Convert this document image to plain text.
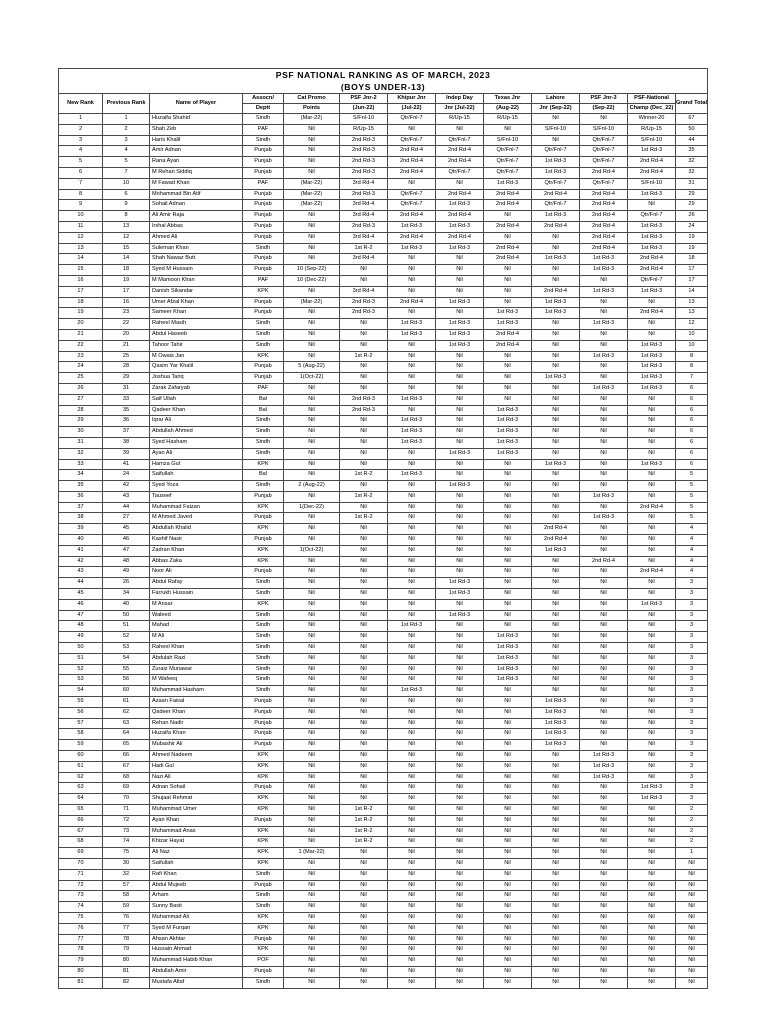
PSF NATIONAL RANKING AS OF MARCH, 2023												
(BOYS UNDER-13)												
New Rank	Previous Rank	Name of Player	Assocn/	Cat Promo	PSF Jnr-2	Khipur Jnr	Indep Day	Texas Jnr	Lahore	PSF Jnr-3	PSF-National	Grand Total
			Deptt	Points	(Jun-22)	(Jul-22)	Jnr (Jul-22)	(Aug-22)	Jnr (Sep-22)	(Sep-22)	Champ (Dec_22)	
1	1	Huzaifa Shahid	Sindh	(Mar-22)	S/Fnl-10	Qtr/Fnl-7	R/Up-15	R/Up-15	Nil	Nil	Winner-20	67
2	2	Shah Zeb	PAF	Nil	R/Up-15	Nil	Nil	Nil	S/Fnl-10	S/Fnl-10	R/Up-15	50
3	3	Haris Khalil	Sindh	Nil	2nd Rd-3	Qtr/Fnl-7	Qtr/Fnl-7	S/Fnl-10	Nil	Qtr/Fnl-7	S/Fnl-10	44
4	4	Amir Adnan	Punjab	Nil	2nd Rd-3	2nd Rd-4	2nd Rd-4	Qtr/Fnl-7	Qtr/Fnl-7	Qtr/Fnl-7	1st Rd-3	35
5	5	Rana Ayan	Punjab	Nil	2nd Rd-3	2nd Rd-4	2nd Rd-4	Qtr/Fnl-7	1st Rd-3	Qtr/Fnl-7	2nd Rd-4	32
6	7	M Rehan Siddiq	Punjab	Nil	2nd Rd-3	2nd Rd-4	Qtr/Fnl-7	Qtr/Fnl-7	1st Rd-3	2nd Rd-4	2nd Rd-4	32
7	10	M Fawad Khan	PAF	(Mar-22)	3rd Rd-4	Nil	Nil	1st Rd-3	Qtr/Fnl-7	Qtr/Fnl-7	S/Fnl-10	31
8	6	Mohammad Bin Atif	Punjab	(Mar-22)	2nd Rd-3	Qtr/Fnl-7	2nd Rd-4	2nd Rd-4	2nd Rd-4	2nd Rd-4	1st Rd-3	29
9	9	Sohail Adnan	Punjab	(Mar-22)	3rd Rd-4	Qtr/Fnl-7	1st Rd-3	2nd Rd-4	Qtr/Fnl-7	2nd Rd-4	Nil	29
10	8	Ali Amir Raja	Punjab	Nil	3rd Rd-4	2nd Rd-4	2nd Rd-4	Nil	1st Rd-3	2nd Rd-4	Qtr/Fnl-7	26
11	13	Irshal Abbas	Punjab	Nil	2nd Rd-3	1st Rd-3	1st Rd-3	2nd Rd-4	2nd Rd-4	2nd Rd-4	1st Rd-3	24
12	12	Ahmed Ali	Punjab	Nil	3rd Rd-4	2nd Rd-4	2nd Rd-4	Nil	Nil	2nd Rd-4	1st Rd-3	19
13	15	Suleman Khan	Sindh	Nil	1st R-2	1st Rd-3	1st Rd-3	2nd Rd-4	Nil	2nd Rd-4	1st Rd-3	19
14	14	Shah Nawaz Butt	Punjab	Nil	3rd Rd-4	Nil	Nil	2nd Rd-4	1st Rd-3	1st Rd-3	2nd Rd-4	18
15	18	Syed M Hussain	Punjab	10 (Sep-22)	Nil	Nil	Nil	Nil	Nil	1st Rd-3	2nd Rd-4	17
16	19	M Mamoon Khan	PAF	10 (Dec-22)	Nil	Nil	Nil	Nil	Nil	Nil	Qtr/Fnl-7	17
17	17	Danish Sikandar	KPK	Nil	3rd Rd-4	Nil	Nil	Nil	2nd Rd-4	1st Rd-3	1st Rd-3	14
18	16	Umer Afzal Khan	Punjab	(Mar-22)	2nd Rd-3	2nd Rd-4	1st Rd-3	Nil	1st Rd-3	Nil	Nil	13
19	23	Sameer Khan	Punjab	Nil	2nd Rd-3	Nil	Nil	1st Rd-3	1st Rd-3	Nil	2nd Rd-4	13
20	22	Raheel Masih	Sindh	Nil	Nil	1st Rd-3	1st Rd-3	1st Rd-3	Nil	1st Rd-3	Nil	12
21	20	Abdul Haseeb	Sindh	Nil	Nil	1st Rd-3	1st Rd-3	2nd Rd-4	Nil	Nil	Nil	10
22	21	Tahoor Tahir	Sindh	Nil	Nil	Nil	1st Rd-3	2nd Rd-4	Nil	Nil	1st Rd-3	10
23	25	M Owais Jan	KPK	Nil	1st R-2	Nil	Nil	Nil	Nil	1st Rd-3	1st Rd-3	8
24	28	Qasim Yar Khalil	Punjab	5 (Aug-22)	Nil	Nil	Nil	Nil	Nil	Nil	1st Rd-3	8
25	29	Joshua Tariq	Punjab	1(Oct-22)	Nil	Nil	Nil	Nil	1st Rd-3	Nil	1st Rd-3	7
26	31	Zarak Zafaryab	PAF	Nil	Nil	Nil	Nil	Nil	Nil	1st Rd-3	1st Rd-3	6
27	33	Saif Ullah	Bal	Nil	2nd Rd-3	1st Rd-3	Nil	Nil	Nil	Nil	Nil	6
28	35	Qadeer Khan	Bal	Nil	2nd Rd-3	Nil	Nil	1st Rd-3	Nil	Nil	Nil	6
29	36	Iqrar Ali	Sindh	Nil	Nil	1st Rd-3	Nil	1st Rd-3	Nil	Nil	Nil	6
30	37	Abdullah Ahmed	Sindh	Nil	Nil	1st Rd-3	Nil	1st Rd-3	Nil	Nil	Nil	6
31	38	Syed Hasham	Sindh	Nil	Nil	1st Rd-3	Nil	1st Rd-3	Nil	Nil	Nil	6
32	39	Ayan Ali	Sindh	Nil	Nil	Nil	1st Rd-3	1st Rd-3	Nil	Nil	Nil	6
33	41	Hamza Gul	KPK	Nil	Nil	Nil	Nil	Nil	1st Rd-3	Nil	1st Rd-3	6
34	24	Saifullah	Bal	Nil	1st R-2	1st Rd-3	Nil	Nil	Nil	Nil	Nil	5
35	42	Syed Yoza	Sindh	2 (Aug-22)	Nil	Nil	1st Rd-3	Nil	Nil	Nil	Nil	5
36	43	Tauseef	Punjab	Nil	1st R-2	Nil	Nil	Nil	Nil	1st Rd-3	Nil	5
37	44	Muhammad Faizan	KPK	1(Dec-22)	Nil	Nil	Nil	Nil	Nil	Nil	2nd Rd-4	5
38	27	M Ahmed Javed	Punjab	Nil	1st R-2	Nil	Nil	Nil	Nil	1st Rd-3	Nil	5
39	45	Abdullah Khalid	KPK	Nil	Nil	Nil	Nil	Nil	2nd Rd-4	Nil	Nil	4
40	46	Kashif Nasir	Punjab	Nil	Nil	Nil	Nil	Nil	2nd Rd-4	Nil	Nil	4
41	47	Zadran Khan	KPK	1(Oct-22)	Nil	Nil	Nil	Nil	1st Rd-3	Nil	Nil	4
42	48	Abbas Zaka	KPK	Nil	Nil	Nil	Nil	Nil	Nil	2nd Rd-4	Nil	4
43	49	Noor Ali	Punjab	Nil	Nil	Nil	Nil	Nil	Nil	Nil	2nd Rd-4	4
44	26	Abdul Rafay	Sindh	Nil	Nil	Nil	1st Rd-3	Nil	Nil	Nil	Nil	3
45	34	Farrukh Hussain	Sindh	Nil	Nil	Nil	1st Rd-3	Nil	Nil	Nil	Nil	3
46	40	M Ansar	KPK	Nil	Nil	Nil	Nil	Nil	Nil	Nil	1st Rd-3	3
47	50	Waleed	Sindh	Nil	Nil	Nil	1st Rd-3	Nil	Nil	Nil	Nil	3
48	51	Mahad	Sindh	Nil	Nil	1st Rd-3	Nil	Nil	Nil	Nil	Nil	3
49	52	M Ali	Sindh	Nil	Nil	Nil	Nil	1st Rd-3	Nil	Nil	Nil	3
50	53	Raheel Khan	Sindh	Nil	Nil	Nil	Nil	1st Rd-3	Nil	Nil	Nil	3
51	54	Abdulah Razi	Sindh	Nil	Nil	Nil	Nil	1st Rd-3	Nil	Nil	Nil	3
52	55	Zuraiz Munawar	Sindh	Nil	Nil	Nil	Nil	1st Rd-3	Nil	Nil	Nil	3
53	56	M Wafeeq	Sindh	Nil	Nil	Nil	Nil	1st Rd-3	Nil	Nil	Nil	3
54	60	Muhammad Hasham	Sindh	Nil	Nil	1st Rd-3	Nil	Nil	Nil	Nil	Nil	3
55	61	Azaan Faisal	Punjab	Nil	Nil	Nil	Nil	Nil	1st Rd-3	Nil	Nil	3
56	62	Qadeer Khan	Punjab	Nil	Nil	Nil	Nil	Nil	1st Rd-3	Nil	Nil	3
57	63	Rehan Nadir	Punjab	Nil	Nil	Nil	Nil	Nil	1st Rd-3	Nil	Nil	3
58	64	Huzaifa Khan	Punjab	Nil	Nil	Nil	Nil	Nil	1st Rd-3	Nil	Nil	3
59	65	Mubashir Ali	Punjab	Nil	Nil	Nil	Nil	Nil	1st Rd-3	Nil	Nil	3
60	66	Ahmed Nadeem	KPK	Nil	Nil	Nil	Nil	Nil	Nil	1st Rd-3	Nil	3
61	67	Hadi Gul	KPK	Nil	Nil	Nil	Nil	Nil	Nil	1st Rd-3	Nil	3
62	68	Nazi Ali	KPK	Nil	Nil	Nil	Nil	Nil	Nil	1st Rd-3	Nil	3
63	69	Adnan Sohail	Punjab	Nil	Nil	Nil	Nil	Nil	Nil	Nil	1st Rd-3	3
64	70	Shujaat Rehmat	KPK	Nil	Nil	Nil	Nil	Nil	Nil	Nil	1st Rd-3	3
65	71	Muhammad Umer	KPK	Nil	1st R-2	Nil	Nil	Nil	Nil	Nil	Nil	2
66	72	Ayan Khan	Punjab	Nil	1st R-2	Nil	Nil	Nil	Nil	Nil	Nil	2
67	73	Muhammad Anas	KPK	Nil	1st R-2	Nil	Nil	Nil	Nil	Nil	Nil	2
68	74	Khizar Hayat	KPK	Nil	1st R-2	Nil	Nil	Nil	Nil	Nil	Nil	2
69	75	Ali Naz	KPK	1 (Mar-22)	Nil	Nil	Nil	Nil	Nil	Nil	Nil	1
70	30	Saifullah	KPK	Nil	Nil	Nil	Nil	Nil	Nil	Nil	Nil	Nil
71	32	Rafi Khan	Sindh	Nil	Nil	Nil	Nil	Nil	Nil	Nil	Nil	Nil
72	57	Abdul Mujeeb	Punjab	Nil	Nil	Nil	Nil	Nil	Nil	Nil	Nil	Nil
73	58	Arham	Sindh	Nil	Nil	Nil	Nil	Nil	Nil	Nil	Nil	Nil
74	59	Sunny Basit	Sindh	Nil	Nil	Nil	Nil	Nil	Nil	Nil	Nil	Nil
75	76	Muhammad Ali	KPK	Nil	Nil	Nil	Nil	Nil	Nil	Nil	Nil	Nil
76	77	Syed M Furqan	KPK	Nil	Nil	Nil	Nil	Nil	Nil	Nil	Nil	Nil
77	78	Ahsan Akhtar	Punjab	Nil	Nil	Nil	Nil	Nil	Nil	Nil	Nil	Nil
78	79	Hussain Ahmad	KPK	Nil	Nil	Nil	Nil	Nil	Nil	Nil	Nil	Nil
79	80	Muhammad Habib Khan	POF	Nil	Nil	Nil	Nil	Nil	Nil	Nil	Nil	Nil
80	81	Abdullah Amir	Punjab	Nil	Nil	Nil	Nil	Nil	Nil	Nil	Nil	Nil
81	82	Mustafa Altaf	Sindh	Nil	Nil	Nil	Nil	Nil	Nil	Nil	Nil	Nil
